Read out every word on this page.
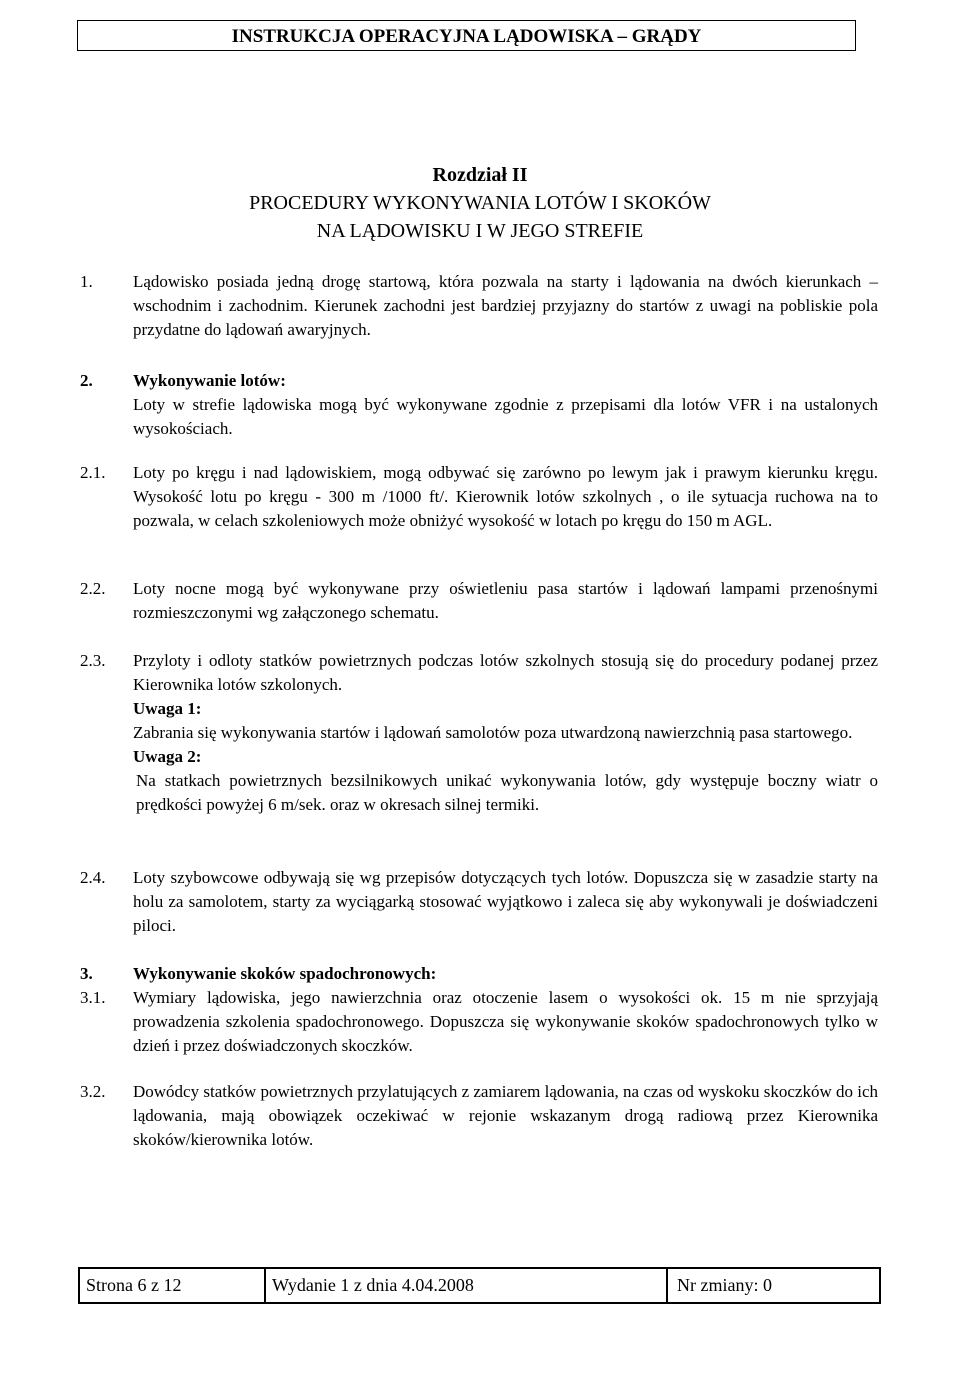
INSTRUKCJA OPERACYJNA LĄDOWISKA – GRĄDY
Rozdział II
PROCEDURY WYKONYWANIA LOTÓW I SKOKÓW
NA LĄDOWISKU I W JEGO STREFIE
1. Lądowisko posiada jedną drogę startową, która pozwala na starty i lądowania na dwóch kierunkach – wschodnim i zachodnim. Kierunek zachodni jest bardziej przyjazny do startów z uwagi na pobliskie pola przydatne do lądowań awaryjnych.
2. Wykonywanie lotów:
Loty w strefie lądowiska mogą być wykonywane zgodnie z przepisami dla lotów VFR i na ustalonych wysokościach.
2.1. Loty po kręgu i nad lądowiskiem, mogą odbywać się zarówno po lewym jak i prawym kierunku kręgu. Wysokość lotu po kręgu - 300 m /1000 ft/. Kierownik lotów szkolnych , o ile sytuacja ruchowa na to pozwala, w celach szkoleniowych może obniżyć wysokość w lotach po kręgu do 150 m AGL.
2.2. Loty nocne mogą być wykonywane przy oświetleniu pasa startów i lądowań lampami przenośnymi rozmieszczonymi wg załączonego schematu.
2.3. Przyloty i odloty statków powietrznych podczas lotów szkolnych stosują się do procedury podanej przez Kierownika lotów szkolonych.
Uwaga 1:
Zabrania się wykonywania startów i lądowań samolotów poza utwardzoną nawierzchnią pasa startowego.
Uwaga 2:
Na statkach powietrznych bezsilnikowych unikać wykonywania lotów, gdy występuje boczny wiatr o prędkości powyżej 6 m/sek. oraz w okresach silnej termiki.
2.4. Loty szybowcowe odbywają się wg przepisów dotyczących tych lotów. Dopuszcza się w zasadzie starty na holu za samolotem, starty za wyciągarką stosować wyjątkowo i zaleca się aby wykonywali je doświadczeni piloci.
3. Wykonywanie skoków spadochronowych:
3.1. Wymiary lądowiska, jego nawierzchnia oraz otoczenie lasem o wysokości ok. 15 m nie sprzyjają prowadzenia szkolenia spadochronowego. Dopuszcza się wykonywanie skoków spadochronowych tylko w dzień i przez doświadczonych skoczków.
3.2. Dowódcy statków powietrznych przylatujących z zamiarem lądowania, na czas od wyskoku skoczków do ich lądowania, mają obowiązek oczekiwać w rejonie wskazanym drogą radiową przez Kierownika skoków/kierownika lotów.
Strona 6 z 12	Wydanie 1 z dnia 4.04.2008	Nr zmiany: 0
